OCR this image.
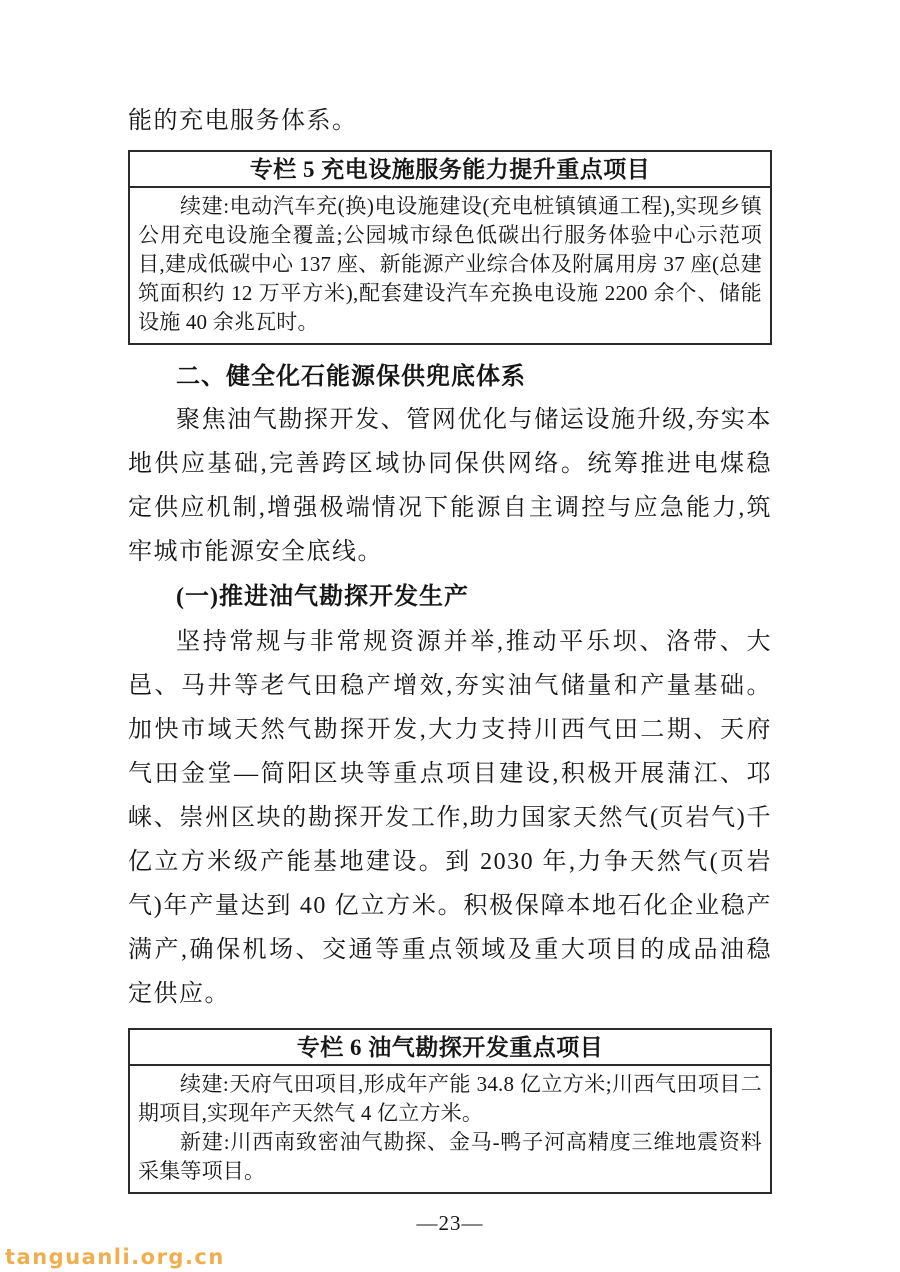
能的充电服务体系。

专栏 5 充电设施服务能力提升重点项目

续建:电动汽车充(换)电设施建设(充电桩镇镇通工程),实现乡镇公用充电设施全覆盖;公园城市绿色低碳出行服务体验中心示范项目,建成低碳中心 137 座、新能源产业综合体及附属用房 37 座(总建筑面积约 12 万平方米),配套建设汽车充换电设施 2200 余个、储能设施 40 余兆瓦时。

二、健全化石能源保供兜底体系

聚焦油气勘探开发、管网优化与储运设施升级,夯实本地供应基础,完善跨区域协同保供网络。统筹推进电煤稳定供应机制,增强极端情况下能源自主调控与应急能力,筑牢城市能源安全底线。

(一)推进油气勘探开发生产

坚持常规与非常规资源并举,推动平乐坝、洛带、大邑、马井等老气田稳产增效,夯实油气储量和产量基础。加快市域天然气勘探开发,大力支持川西气田二期、天府气田金堂—简阳区块等重点项目建设,积极开展蒲江、邛崃、崇州区块的勘探开发工作,助力国家天然气(页岩气)千亿立方米级产能基地建设。到 2030 年,力争天然气(页岩气)年产量达到 40 亿立方米。积极保障本地石化企业稳产满产,确保机场、交通等重点领域及重大项目的成品油稳定供应。

专栏 6 油气勘探开发重点项目

续建:天府气田项目,形成年产能 34.8 亿立方米;川西气田项目二期项目,实现年产天然气 4 亿立方米。

新建:川西南致密油气勘探、金马-鸭子河高精度三维地震资料采集等项目。

—23—
tanguanli.org.cn
